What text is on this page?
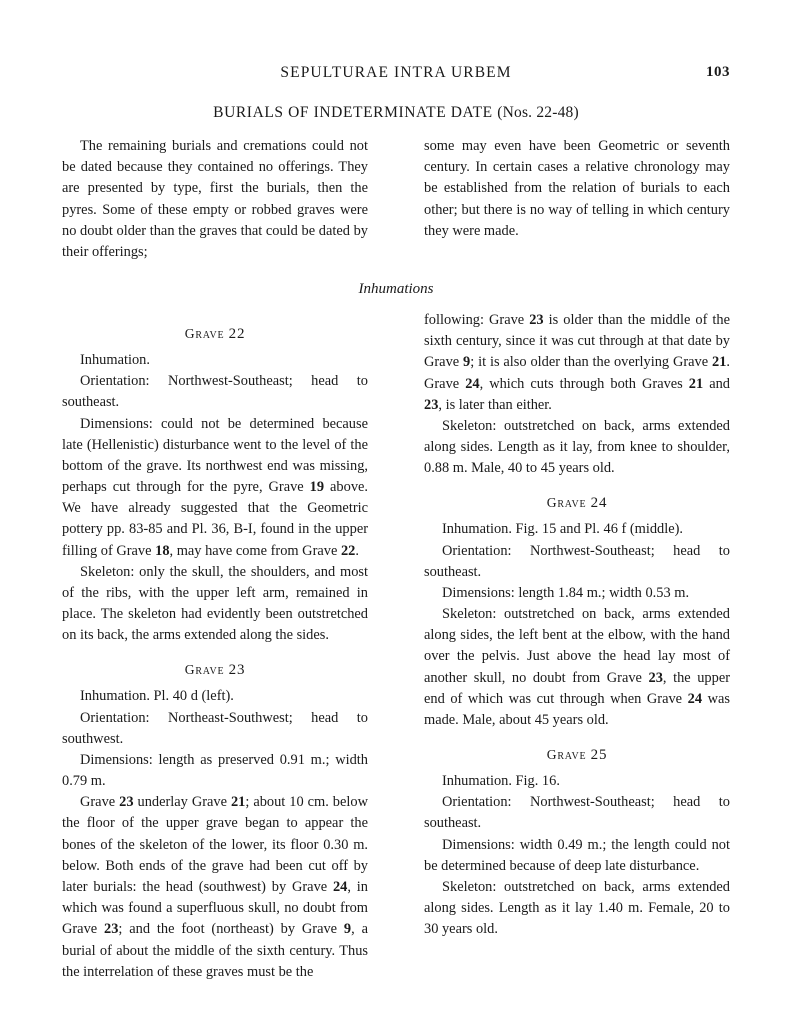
SEPULTURAE INTRA URBEM	103
BURIALS OF INDETERMINATE DATE (Nos. 22-48)

The remaining burials and cremations could not be dated because they contained no offerings. They are presented by type, first the burials, then the pyres. Some of these empty or robbed graves were no doubt older than the graves that could be dated by their offerings;

some may even have been Geometric or seventh century. In certain cases a relative chronology may be established from the relation of burials to each other; but there is no way of telling in which century they were made.

Inhumations
Grave 22

Inhumation.

Orientation: Northwest-Southeast; head to southeast.

Dimensions: could not be determined because late (Hellenistic) disturbance went to the level of the bottom of the grave. Its northwest end was missing, perhaps cut through for the pyre, Grave 19 above. We have already suggested that the Geometric pottery pp. 83-85 and Pl. 36, B-I, found in the upper filling of Grave 18, may have come from Grave 22.

Skeleton: only the skull, the shoulders, and most of the ribs, with the upper left arm, remained in place. The skeleton had evidently been outstretched on its back, the arms extended along the sides.

Grave 23

Inhumation. Pl. 40 d (left).

Orientation: Northeast-Southwest; head to southwest.

Dimensions: length as preserved 0.91 m.; width 0.79 m.

Grave 23 underlay Grave 21; about 10 cm. below the floor of the upper grave began to appear the bones of the skeleton of the lower, its floor 0.30 m. below. Both ends of the grave had been cut off by later burials: the head (southwest) by Grave 24, in which was found a superfluous skull, no doubt from Grave 23; and the foot (northeast) by Grave 9, a burial of about the middle of the sixth century. Thus the interrelation of these graves must be the

following: Grave 23 is older than the middle of the sixth century, since it was cut through at that date by Grave 9; it is also older than the overlying Grave 21. Grave 24, which cuts through both Graves 21 and 23, is later than either.

Skeleton: outstretched on back, arms extended along sides. Length as it lay, from knee to shoulder, 0.88 m. Male, 40 to 45 years old.

Grave 24

Inhumation. Fig. 15 and Pl. 46 f (middle).

Orientation: Northwest-Southeast; head to southeast.

Dimensions: length 1.84 m.; width 0.53 m.

Skeleton: outstretched on back, arms extended along sides, the left bent at the elbow, with the hand over the pelvis. Just above the head lay most of another skull, no doubt from Grave 23, the upper end of which was cut through when Grave 24 was made. Male, about 45 years old.

Grave 25

Inhumation. Fig. 16.

Orientation: Northwest-Southeast; head to southeast.

Dimensions: width 0.49 m.; the length could not be determined because of deep late disturbance.

Skeleton: outstretched on back, arms extended along sides. Length as it lay 1.40 m. Female, 20 to 30 years old.
